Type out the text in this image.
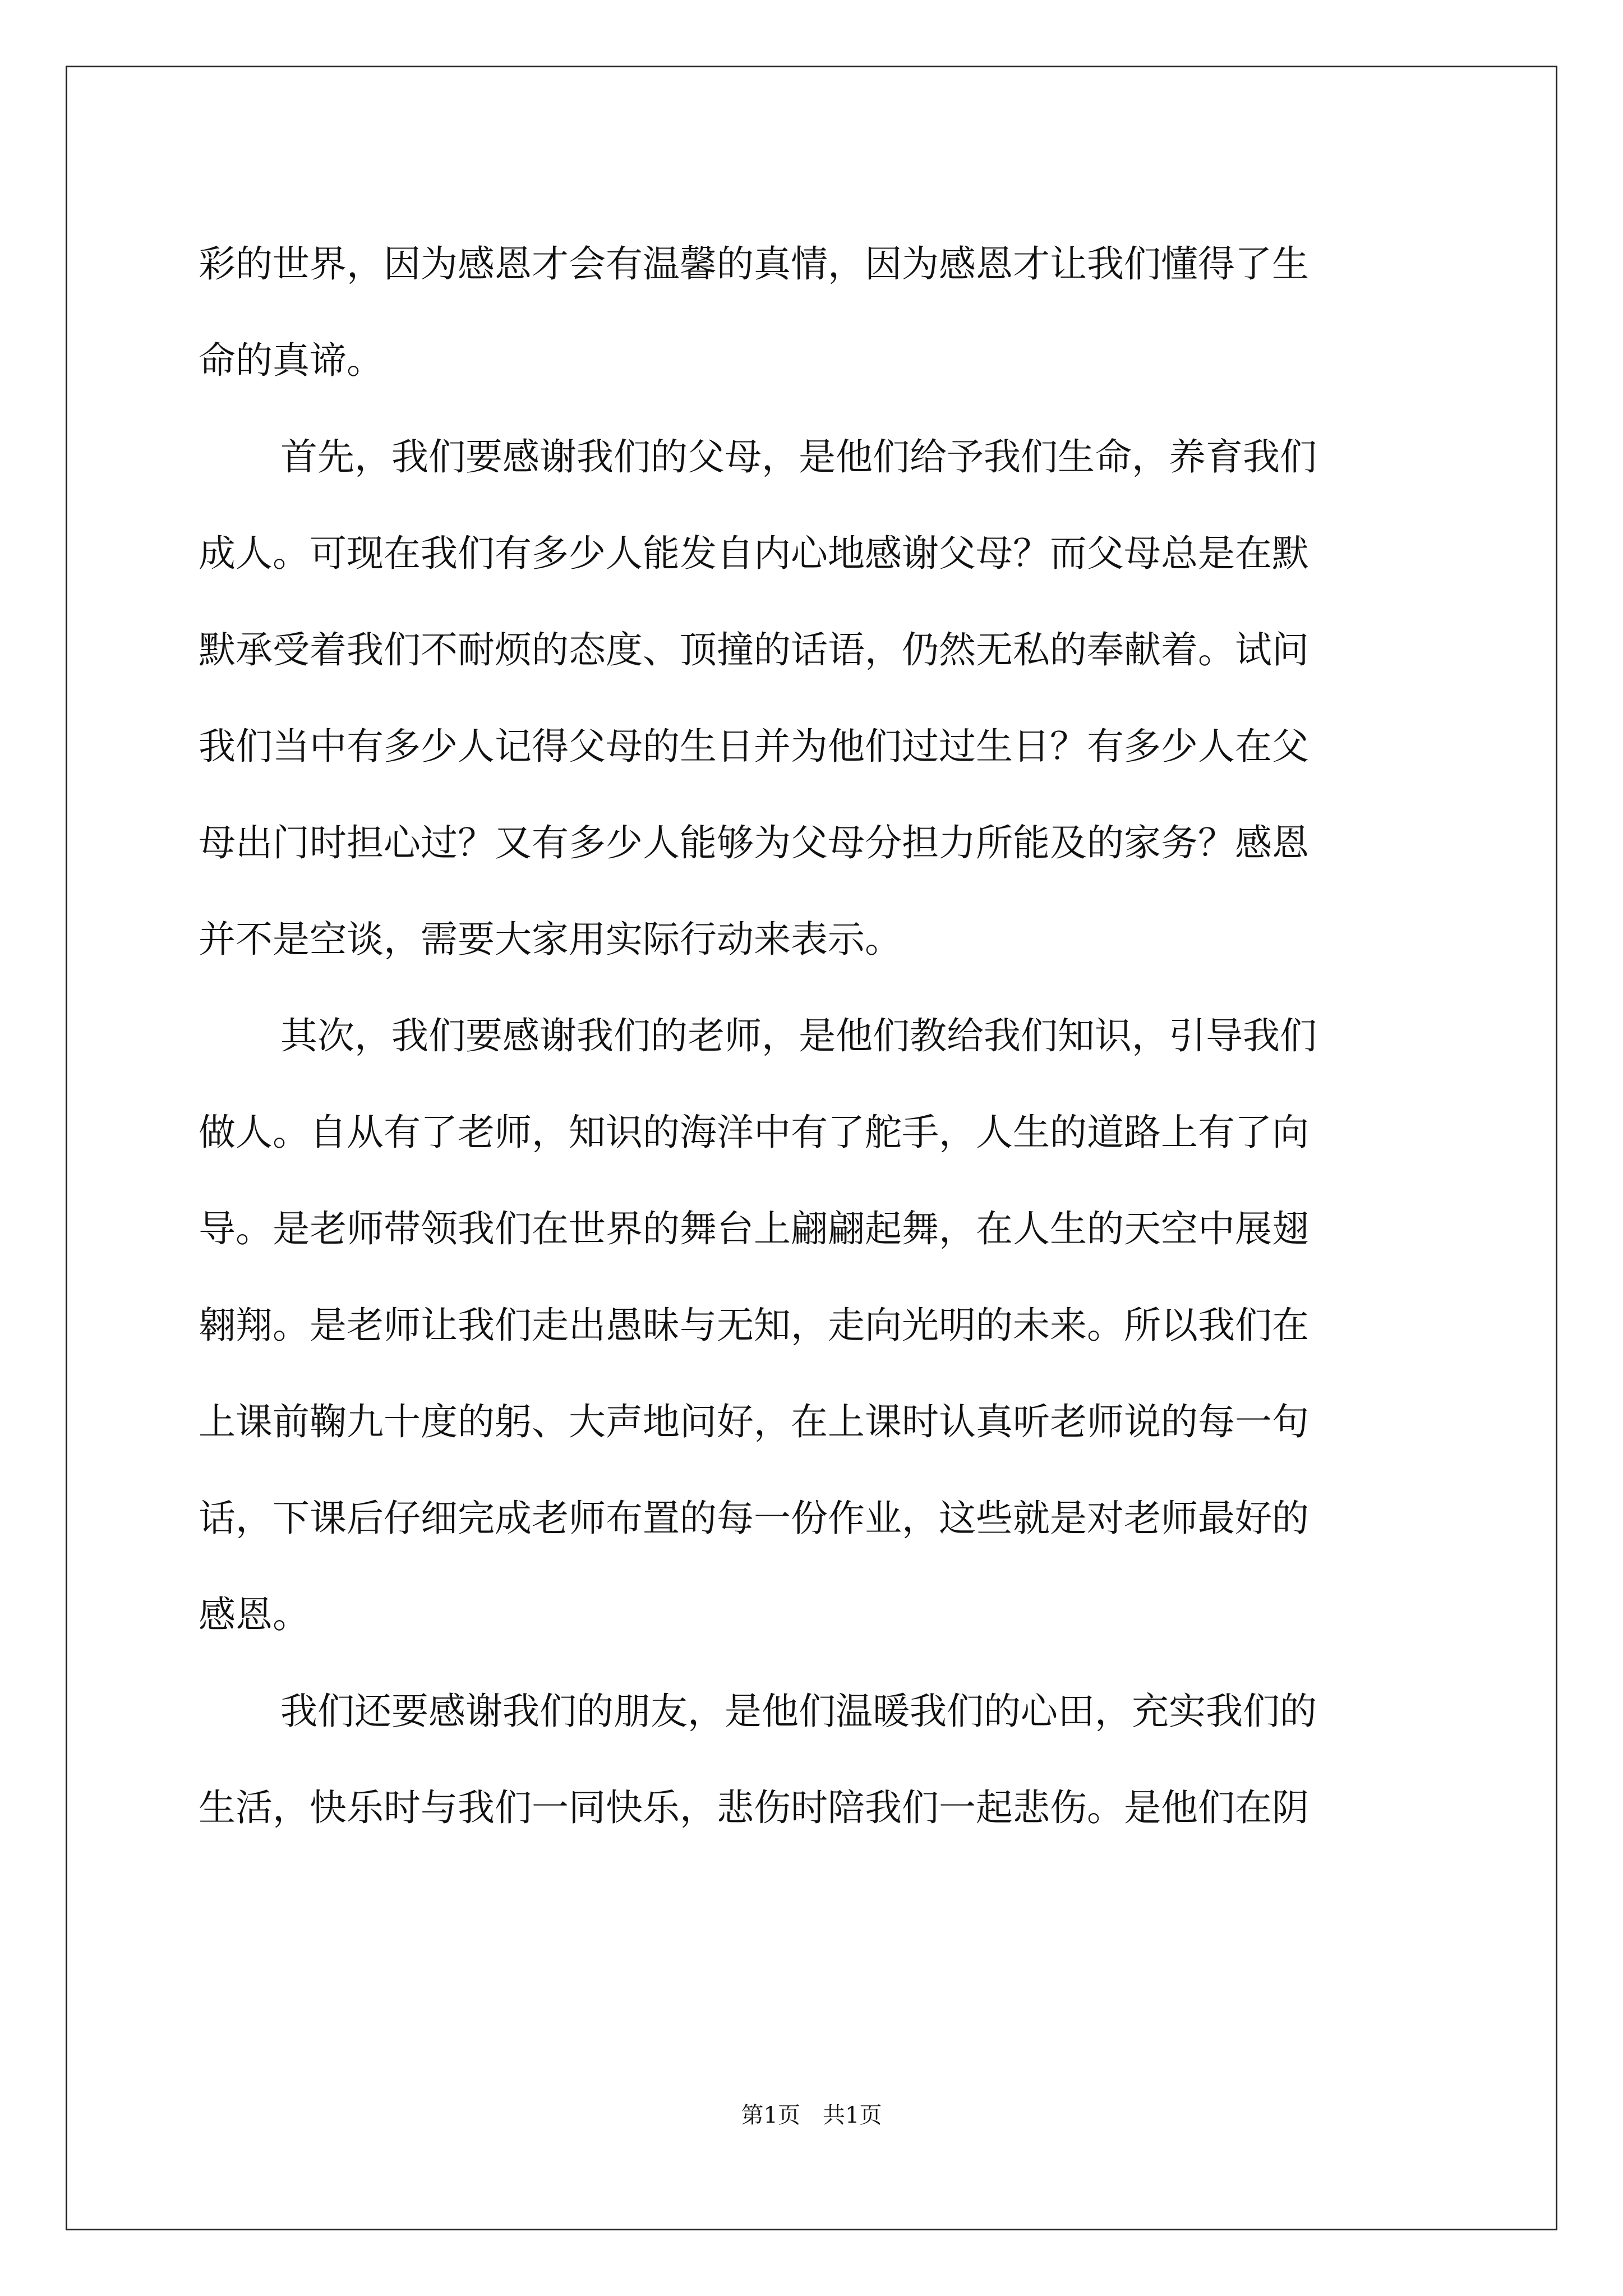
彩的世界，因为感恩才会有温馨的真情，因为感恩才让我们懂得了生
命的真谛。
首先，我们要感谢我们的父母，是他们给予我们生命，养育我们
成人。可现在我们有多少人能发自内心地感谢父母？而父母总是在默
默承受着我们不耐烦的态度、顶撞的话语，仍然无私的奉献着。试问
我们当中有多少人记得父母的生日并为他们过过生日？有多少人在父
母出门时担心过？又有多少人能够为父母分担力所能及的家务？感恩
并不是空谈，需要大家用实际行动来表示。
其次，我们要感谢我们的老师，是他们教给我们知识，引导我们
做人。自从有了老师，知识的海洋中有了舵手，人生的道路上有了向
导。是老师带领我们在世界的舞台上翩翩起舞，在人生的天空中展翅
翱翔。是老师让我们走出愚昧与无知，走向光明的未来。所以我们在
上课前鞠九十度的躬、大声地问好，在上课时认真听老师说的每一句
话，下课后仔细完成老师布置的每一份作业，这些就是对老师最好的
感恩。
我们还要感谢我们的朋友，是他们温暖我们的心田，充实我们的
生活，快乐时与我们一同快乐，悲伤时陪我们一起悲伤。是他们在阴
第1页　共1页
